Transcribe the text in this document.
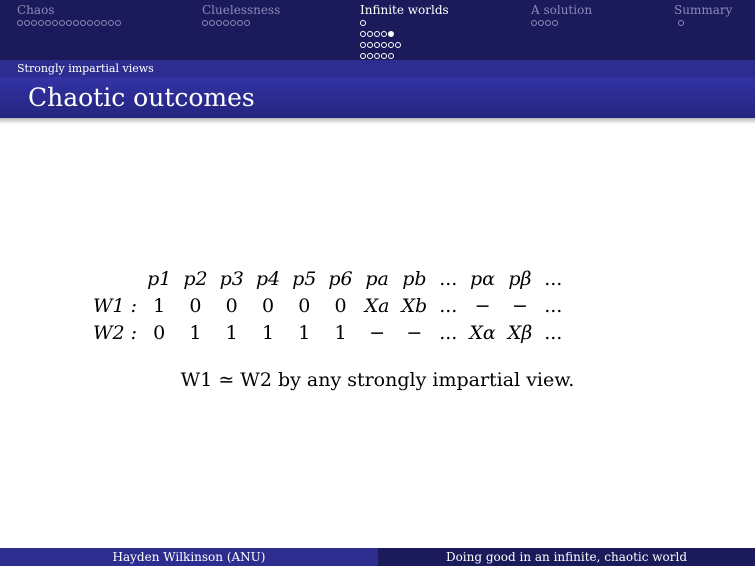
Chaos	Cluelessness	Infinite worlds	A solution	Summary
Strongly impartial views
Chaotic outcomes
	p1	p2	p3	p4	p5	p6	pa	pb	...	pα	pβ	...
W1 :	1	0	0	0	0	0	Xa	Xb	...	−	−	...
W2 :	0	1	1	1	1	1	−	−	...	Xα	Xβ	...
W1 ≃ W2 by any strongly impartial view.
Hayden Wilkinson (ANU)	Doing good in an infinite, chaotic world
